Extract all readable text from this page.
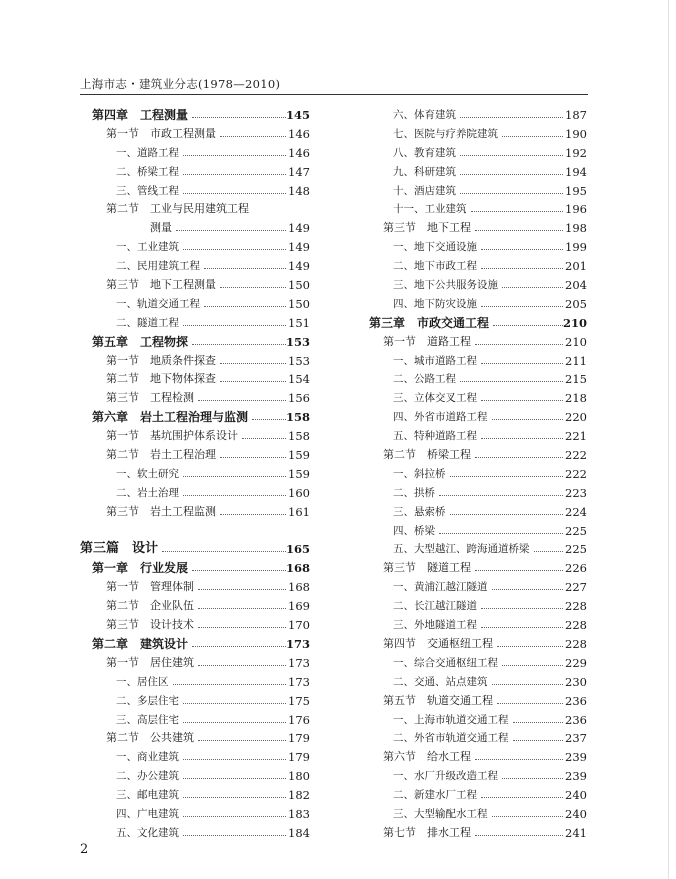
上海市志・建筑业分志(1978—2010)
第四章　工程测量	145
第一节　市政工程测量	146
一、道路工程	146
二、桥梁工程	147
三、管线工程	148
第二节　工业与民用建筑工程
测量	149
一、工业建筑	149
二、民用建筑工程	149
第三节　地下工程测量	150
一、轨道交通工程	150
二、隧道工程	151
第五章　工程物探	153
第一节　地质条件探查	153
第二节　地下物体探查	154
第三节　工程检测	156
第六章　岩土工程治理与监测	158
第一节　基坑围护体系设计	158
第二节　岩土工程治理	159
一、软土研究	159
二、岩土治理	160
第三节　岩土工程监测	161
第三篇　设计	165
第一章　行业发展	168
第一节　管理体制	168
第二节　企业队伍	169
第三节　设计技术	170
第二章　建筑设计	173
第一节　居住建筑	173
一、居住区	173
二、多层住宅	175
三、高层住宅	176
第二节　公共建筑	179
一、商业建筑	179
二、办公建筑	180
三、邮电建筑	182
四、广电建筑	183
五、文化建筑	184
六、体育建筑	187
七、医院与疗养院建筑	190
八、教育建筑	192
九、科研建筑	194
十、酒店建筑	195
十一、工业建筑	196
第三节　地下工程	198
一、地下交通设施	199
二、地下市政工程	201
三、地下公共服务设施	204
四、地下防灾设施	205
第三章　市政交通工程	210
第一节　道路工程	210
一、城市道路工程	211
二、公路工程	215
三、立体交叉工程	218
四、外省市道路工程	220
五、特种道路工程	221
第二节　桥梁工程	222
一、斜拉桥	222
二、拱桥	223
三、悬索桥	224
四、桥梁	225
五、大型越江、跨海通道桥梁	225
第三节　隧道工程	226
一、黄浦江越江隧道	227
二、长江越江隧道	228
三、外地隧道工程	228
第四节　交通枢纽工程	228
一、综合交通枢纽工程	229
二、交通、站点建筑	230
第五节　轨道交通工程	236
一、上海市轨道交通工程	236
二、外省市轨道交通工程	237
第六节　给水工程	239
一、水厂升级改造工程	239
二、新建水厂工程	240
三、大型输配水工程	240
第七节　排水工程	241
2
